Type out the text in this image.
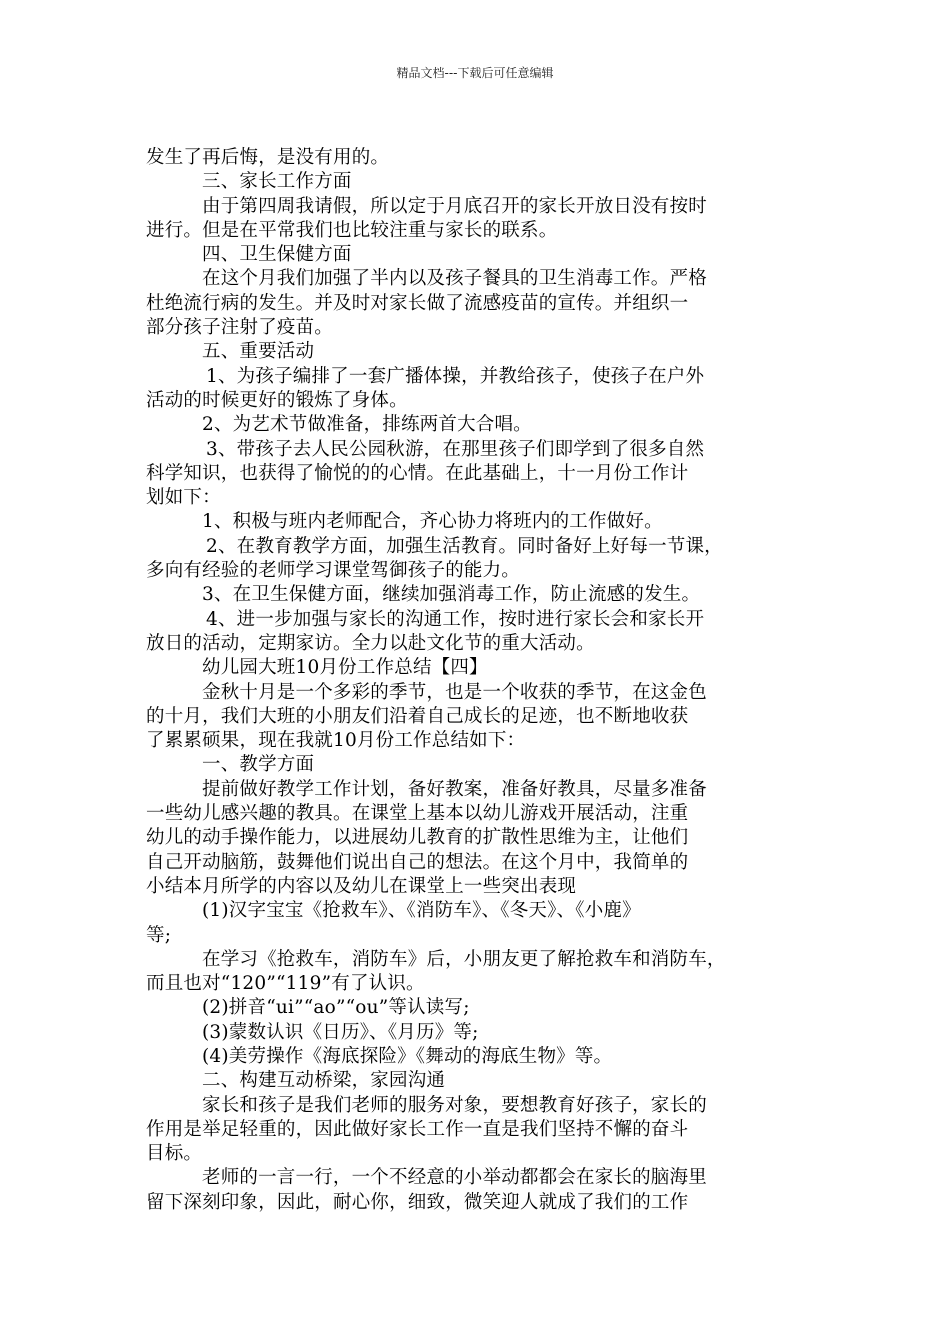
精品文档---下载后可任意编辑
发生了再后悔，是没有用的。
三、家长工作方面
由于第四周我请假，所以定于月底召开的家长开放日没有按时
进行。但是在平常我们也比较注重与家长的联系。
四、卫生保健方面
在这个月我们加强了半内以及孩子餐具的卫生消毒工作。严格
杜绝流行病的发生。并及时对家长做了流感疫苗的宣传。并组织一
部分孩子注射了疫苗。
五、重要活动
1、为孩子编排了一套广播体操，并教给孩子，使孩子在户外
活动的时候更好的锻炼了身体。
2、为艺术节做准备，排练两首大合唱。
3、带孩子去人民公园秋游，在那里孩子们即学到了很多自然
科学知识，也获得了愉悦的的心情。在此基础上，十一月份工作计
划如下：
1、积极与班内老师配合，齐心协力将班内的工作做好。
2、在教育教学方面，加强生活教育。同时备好上好每一节课，
多向有经验的老师学习课堂驾御孩子的能力。
3、在卫生保健方面，继续加强消毒工作，防止流感的发生。
4、进一步加强与家长的沟通工作，按时进行家长会和家长开
放日的活动，定期家访。全力以赴文化节的重大活动。
幼儿园大班10月份工作总结【四】
金秋十月是一个多彩的季节，也是一个收获的季节，在这金色
的十月，我们大班的小朋友们沿着自己成长的足迹，也不断地收获
了累累硕果，现在我就10月份工作总结如下：
一、教学方面
提前做好教学工作计划，备好教案，准备好教具，尽量多准备
一些幼儿感兴趣的教具。在课堂上基本以幼儿游戏开展活动，注重
幼儿的动手操作能力，以进展幼儿教育的扩散性思维为主，让他们
自己开动脑筋，鼓舞他们说出自己的想法。在这个月中，我简单的
小结本月所学的内容以及幼儿在课堂上一些突出表现
(1)汉字宝宝《抢救车》、《消防车》、《冬天》、《小鹿》
等;
在学习《抢救车，消防车》后，小朋友更了解抢救车和消防车，
而且也对“120”“119”有了认识。
(2)拼音“ui”“ao”“ou”等认读写;
(3)蒙数认识《日历》、《月历》等;
(4)美劳操作《海底探险》《舞动的海底生物》等。
二、构建互动桥梁，家园沟通
家长和孩子是我们老师的服务对象，要想教育好孩子，家长的
作用是举足轻重的，因此做好家长工作一直是我们坚持不懈的奋斗
目标。
老师的一言一行，一个不经意的小举动都都会在家长的脑海里
留下深刻印象，因此，耐心你，细致，微笑迎人就成了我们的工作
